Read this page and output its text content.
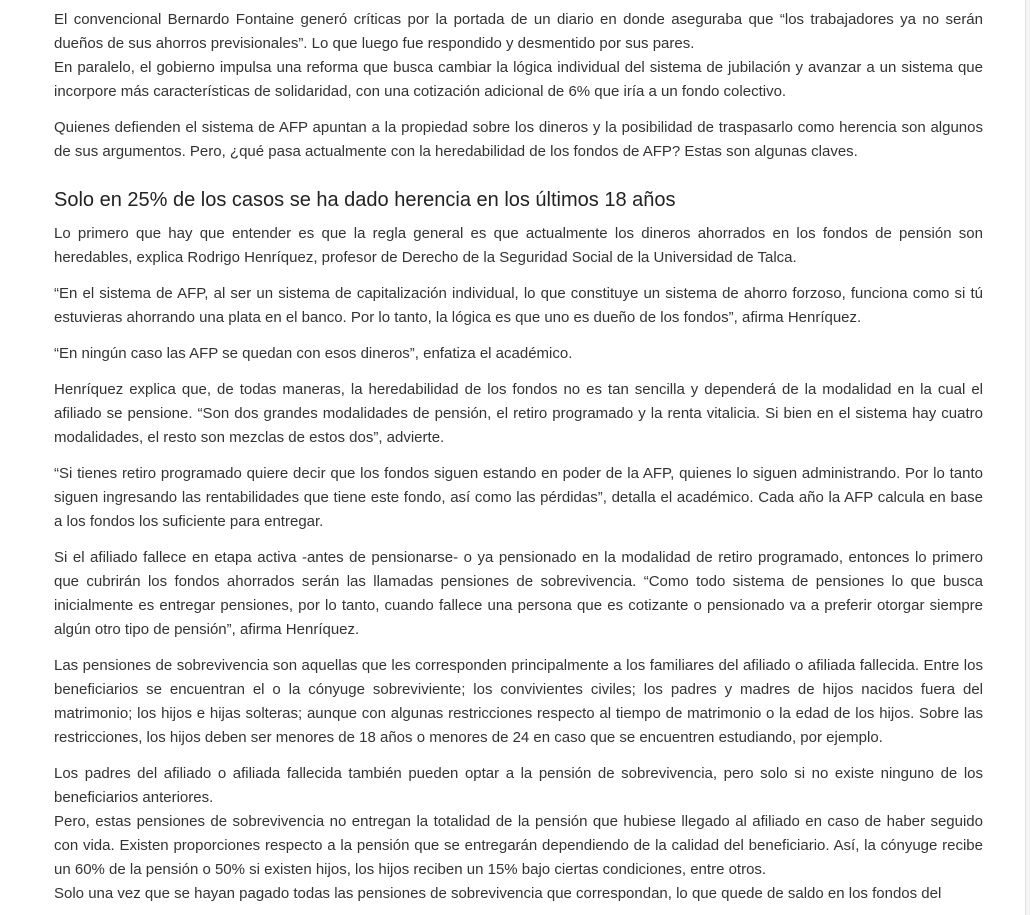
El convencional Bernardo Fontaine generó críticas por la portada de un diario en donde aseguraba que “los trabajadores ya no serán dueños de sus ahorros previsionales”. Lo que luego fue respondido y desmentido por sus pares.

En paralelo, el gobierno impulsa una reforma que busca cambiar la lógica individual del sistema de jubilación y avanzar a un sistema que incorpore más características de solidaridad, con una cotización adicional de 6% que iría a un fondo colectivo.

Quienes defienden el sistema de AFP apuntan a la propiedad sobre los dineros y la posibilidad de traspasarlo como herencia son algunos de sus argumentos. Pero, ¿qué pasa actualmente con la heredabilidad de los fondos de AFP? Estas son algunas claves.

Solo en 25% de los casos se ha dado herencia en los últimos 18 años

Lo primero que hay que entender es que la regla general es que actualmente los dineros ahorrados en los fondos de pensión son heredables, explica Rodrigo Henríquez, profesor de Derecho de la Seguridad Social de la Universidad de Talca.

“En el sistema de AFP, al ser un sistema de capitalización individual, lo que constituye un sistema de ahorro forzoso, funciona como si tú estuvieras ahorrando una plata en el banco. Por lo tanto, la lógica es que uno es dueño de los fondos”, afirma Henríquez.

“En ningún caso las AFP se quedan con esos dineros”, enfatiza el académico.

Henríquez explica que, de todas maneras, la heredabilidad de los fondos no es tan sencilla y dependerá de la modalidad en la cual el afiliado se pensione. “Son dos grandes modalidades de pensión, el retiro programado y la renta vitalicia. Si bien en el sistema hay cuatro modalidades, el resto son mezclas de estos dos”, advierte.

“Si tienes retiro programado quiere decir que los fondos siguen estando en poder de la AFP, quienes lo siguen administrando. Por lo tanto siguen ingresando las rentabilidades que tiene este fondo, así como las pérdidas”, detalla el académico. Cada año la AFP calcula en base a los fondos los suficiente para entregar.

Si el afiliado fallece en etapa activa -antes de pensionarse- o ya pensionado en la modalidad de retiro programado, entonces lo primero que cubrirán los fondos ahorrados serán las llamadas pensiones de sobrevivencia. “Como todo sistema de pensiones lo que busca inicialmente es entregar pensiones, por lo tanto, cuando fallece una persona que es cotizante o pensionado va a preferir otorgar siempre algún otro tipo de pensión”, afirma Henríquez.

Las pensiones de sobrevivencia son aquellas que les corresponden principalmente a los familiares del afiliado o afiliada fallecida. Entre los beneficiarios se encuentran el o la cónyuge sobreviviente; los convivientes civiles; los padres y madres de hijos nacidos fuera del matrimonio; los hijos e hijas solteras; aunque con algunas restricciones respecto al tiempo de matrimonio o la edad de los hijos. Sobre las restricciones, los hijos deben ser menores de 18 años o menores de 24 en caso que se encuentren estudiando, por ejemplo.

Los padres del afiliado o afiliada fallecida también pueden optar a la pensión de sobrevivencia, pero solo si no existe ninguno de los beneficiarios anteriores.

Pero, estas pensiones de sobrevivencia no entregan la totalidad de la pensión que hubiese llegado al afiliado en caso de haber seguido con vida. Existen proporciones respecto a la pensión que se entregarán dependiendo de la calidad del beneficiario. Así, la cónyuge recibe un 60% de la pensión o 50% si existen hijos, los hijos reciben un 15% bajo ciertas condiciones, entre otros.

Solo una vez que se hayan pagado todas las pensiones de sobrevivencia que correspondan, lo que quede de saldo en los fondos del
